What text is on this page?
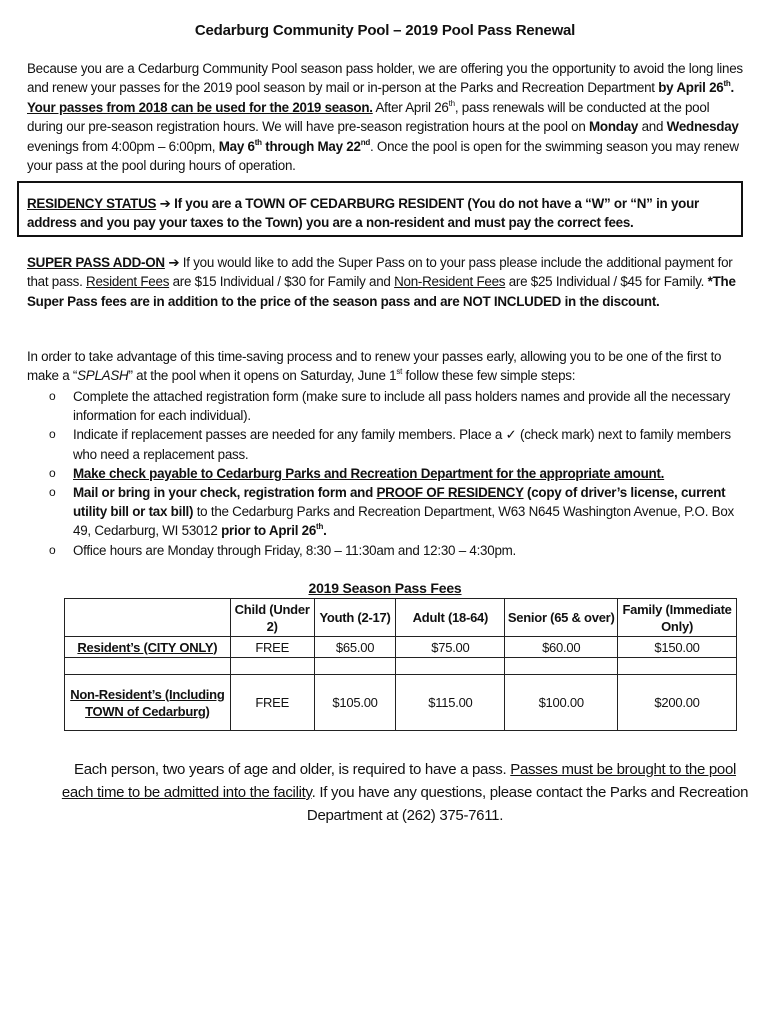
Cedarburg Community Pool – 2019 Pool Pass Renewal
Because you are a Cedarburg Community Pool season pass holder, we are offering you the opportunity to avoid the long lines and renew your passes for the 2019 pool season by mail or in-person at the Parks and Recreation Department by April 26th. Your passes from 2018 can be used for the 2019 season. After April 26th, pass renewals will be conducted at the pool during our pre-season registration hours. We will have pre-season registration hours at the pool on Monday and Wednesday evenings from 4:00pm – 6:00pm, May 6th through May 22nd. Once the pool is open for the swimming season you may renew your pass at the pool during hours of operation.
RESIDENCY STATUS ➔ If you are a TOWN OF CEDARBURG RESIDENT (You do not have a “W” or “N” in your address and you pay your taxes to the Town) you are a non-resident and must pay the correct fees.
SUPER PASS ADD-ON ➔ If you would like to add the Super Pass on to your pass please include the additional payment for that pass. Resident Fees are $15 Individual / $30 for Family and Non-Resident Fees are $25 Individual / $45 for Family. *The Super Pass fees are in addition to the price of the season pass and are NOT INCLUDED in the discount.
In order to take advantage of this time-saving process and to renew your passes early, allowing you to be one of the first to make a “SPLASH” at the pool when it opens on Saturday, June 1st follow these few simple steps:
o Complete the attached registration form (make sure to include all pass holders names and provide all the necessary information for each individual).
o Indicate if replacement passes are needed for any family members. Place a ✓ (check mark) next to family members who need a replacement pass.
o Make check payable to Cedarburg Parks and Recreation Department for the appropriate amount.
o Mail or bring in your check, registration form and PROOF OF RESIDENCY (copy of driver’s license, current utility bill or tax bill) to the Cedarburg Parks and Recreation Department, W63 N645 Washington Avenue, P.O. Box 49, Cedarburg, WI 53012 prior to April 26th.
o Office hours are Monday through Friday, 8:30 – 11:30am and 12:30 – 4:30pm.
2019 Season Pass Fees
	Child (Under 2)	Youth (2-17)	Adult (18-64)	Senior (65 & over)	Family (Immediate Only)
Resident’s (CITY ONLY)	FREE	$65.00	$75.00	$60.00	$150.00

Non-Resident’s (Including TOWN of Cedarburg)	FREE	$105.00	$115.00	$100.00	$200.00
Each person, two years of age and older, is required to have a pass. Passes must be brought to the pool each time to be admitted into the facility. If you have any questions, please contact the Parks and Recreation Department at (262) 375-7611.
